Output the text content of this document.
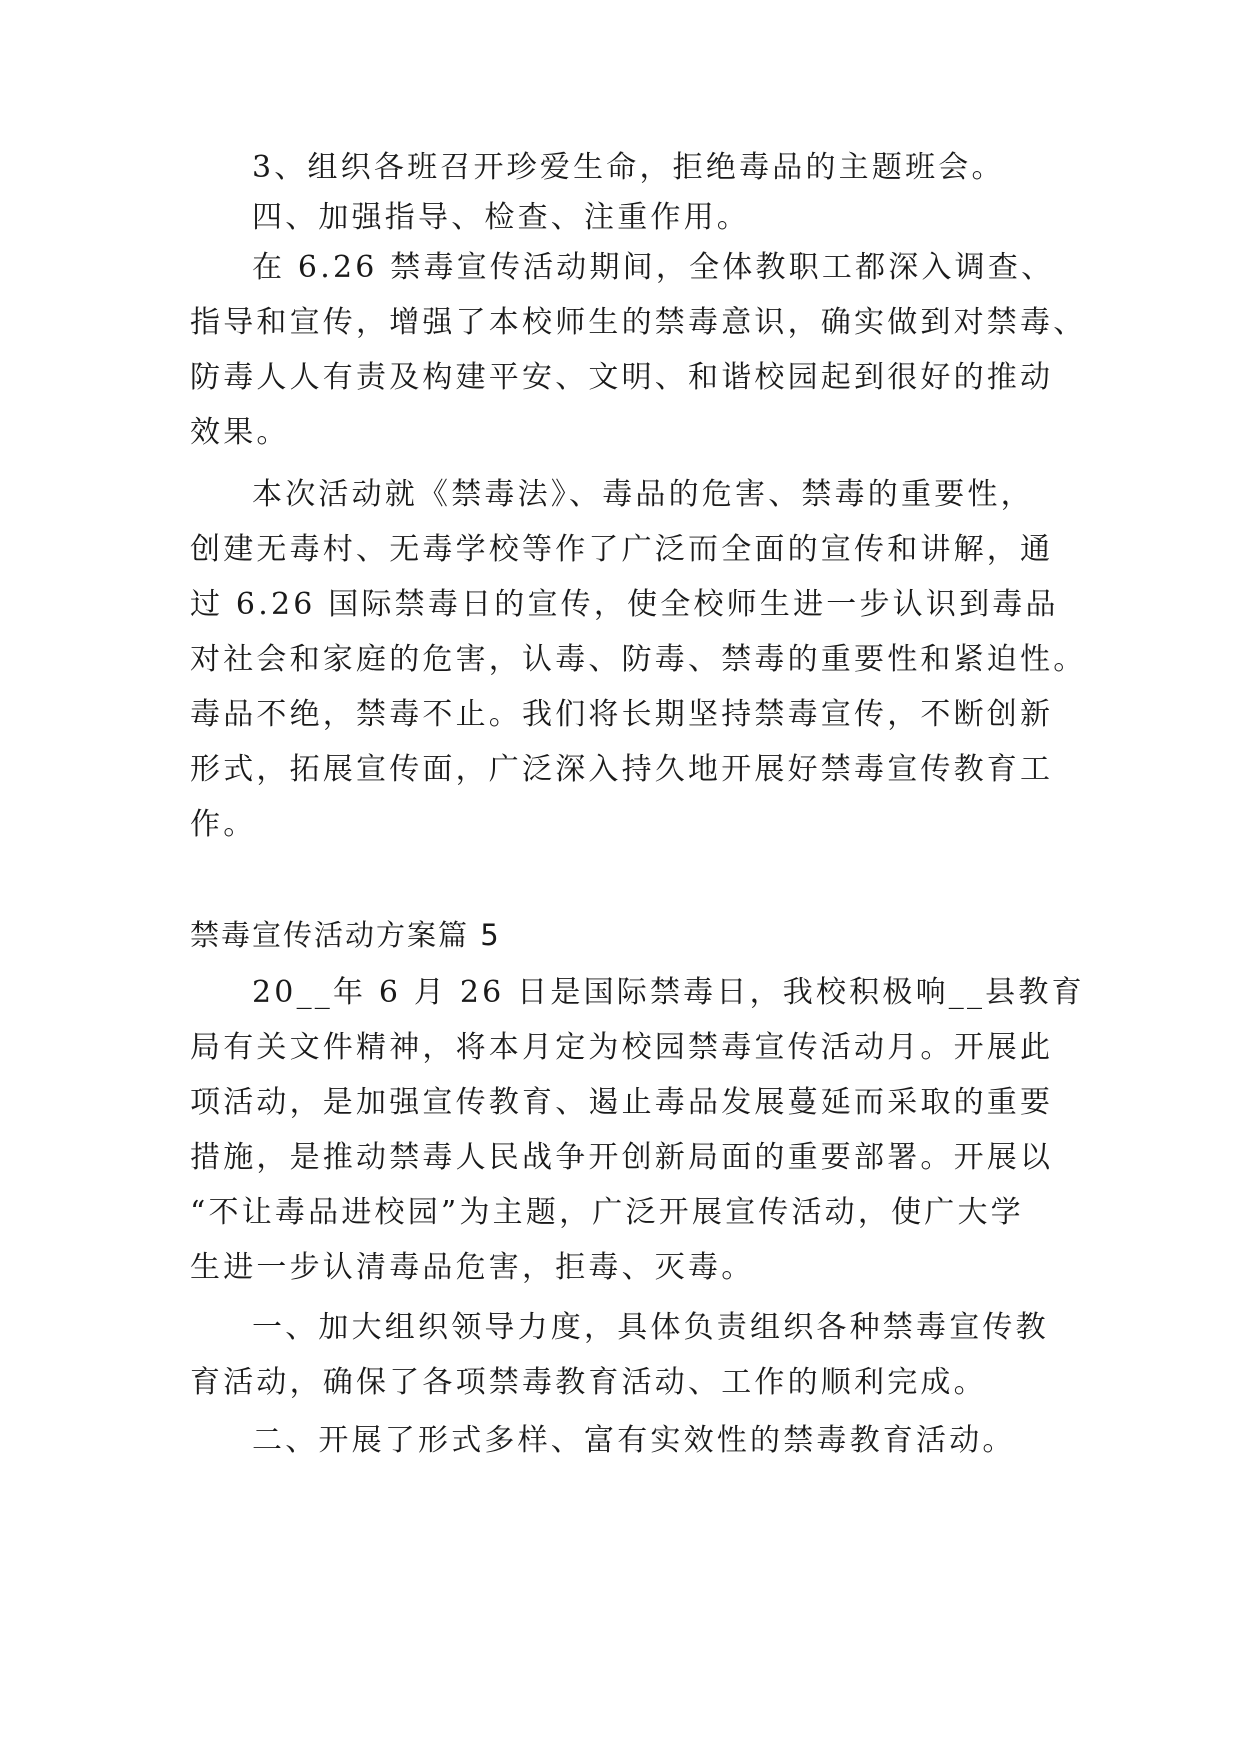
3、组织各班召开珍爱生命，拒绝毒品的主题班会。

四、加强指导、检查、注重作用。

在 6.26 禁毒宣传活动期间，全体教职工都深入调查、

指导和宣传，增强了本校师生的禁毒意识，确实做到对禁毒、

防毒人人有责及构建平安、文明、和谐校园起到很好的推动

效果。

本次活动就《禁毒法》、毒品的危害、禁毒的重要性，

创建无毒村、无毒学校等作了广泛而全面的宣传和讲解，通

过 6.26 国际禁毒日的宣传，使全校师生进一步认识到毒品

对社会和家庭的危害，认毒、防毒、禁毒的重要性和紧迫性。

毒品不绝，禁毒不止。我们将长期坚持禁毒宣传，不断创新

形式，拓展宣传面，广泛深入持久地开展好禁毒宣传教育工

作。

禁毒宣传活动方案篇 5

20__年 6 月 26 日是国际禁毒日，我校积极响__县教育

局有关文件精神，将本月定为校园禁毒宣传活动月。开展此

项活动，是加强宣传教育、遏止毒品发展蔓延而采取的重要

措施，是推动禁毒人民战争开创新局面的重要部署。开展以

“不让毒品进校园”为主题，广泛开展宣传活动，使广大学

生进一步认清毒品危害，拒毒、灭毒。

一、加大组织领导力度，具体负责组织各种禁毒宣传教

育活动，确保了各项禁毒教育活动、工作的顺利完成。

二、开展了形式多样、富有实效性的禁毒教育活动。
